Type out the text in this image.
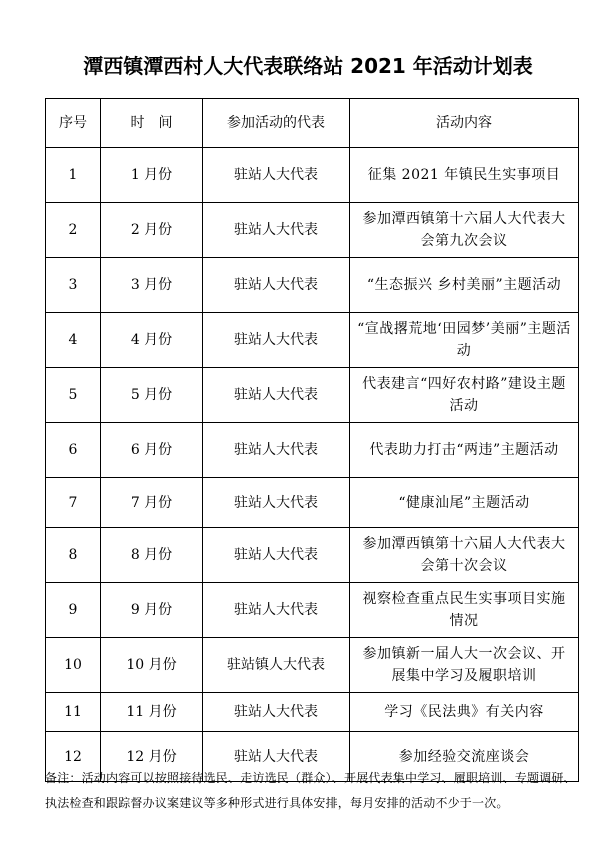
潭西镇潭西村人大代表联络站 2021 年活动计划表
序号	时　间	参加活动的代表	活动内容
1	1 月份	驻站人大代表	征集 2021 年镇民生实事项目
2	2 月份	驻站人大代表	参加潭西镇第十六届人大代表大会第九次会议
3	3 月份	驻站人大代表	“生态振兴 乡村美丽”主题活动
4	4 月份	驻站人大代表	“宣战撂荒地‘田园梦’美丽”主题活动
5	5 月份	驻站人大代表	代表建言“四好农村路”建设主题活动
6	6 月份	驻站人大代表	代表助力打击“两违”主题活动
7	7 月份	驻站人大代表	“健康汕尾”主题活动
8	8 月份	驻站人大代表	参加潭西镇第十六届人大代表大会第十次会议
9	9 月份	驻站人大代表	视察检查重点民生实事项目实施情况
10	10 月份	驻站镇人大代表	参加镇新一届人大一次会议、开展集中学习及履职培训
11	11 月份	驻站人大代表	学习《民法典》有关内容
12	12 月份	驻站人大代表	参加经验交流座谈会
备注：活动内容可以按照接待选民、走访选民（群众）、开展代表集中学习、履职培训、专题调研、执法检查和跟踪督办议案建议等多种形式进行具体安排，每月安排的活动不少于一次。
